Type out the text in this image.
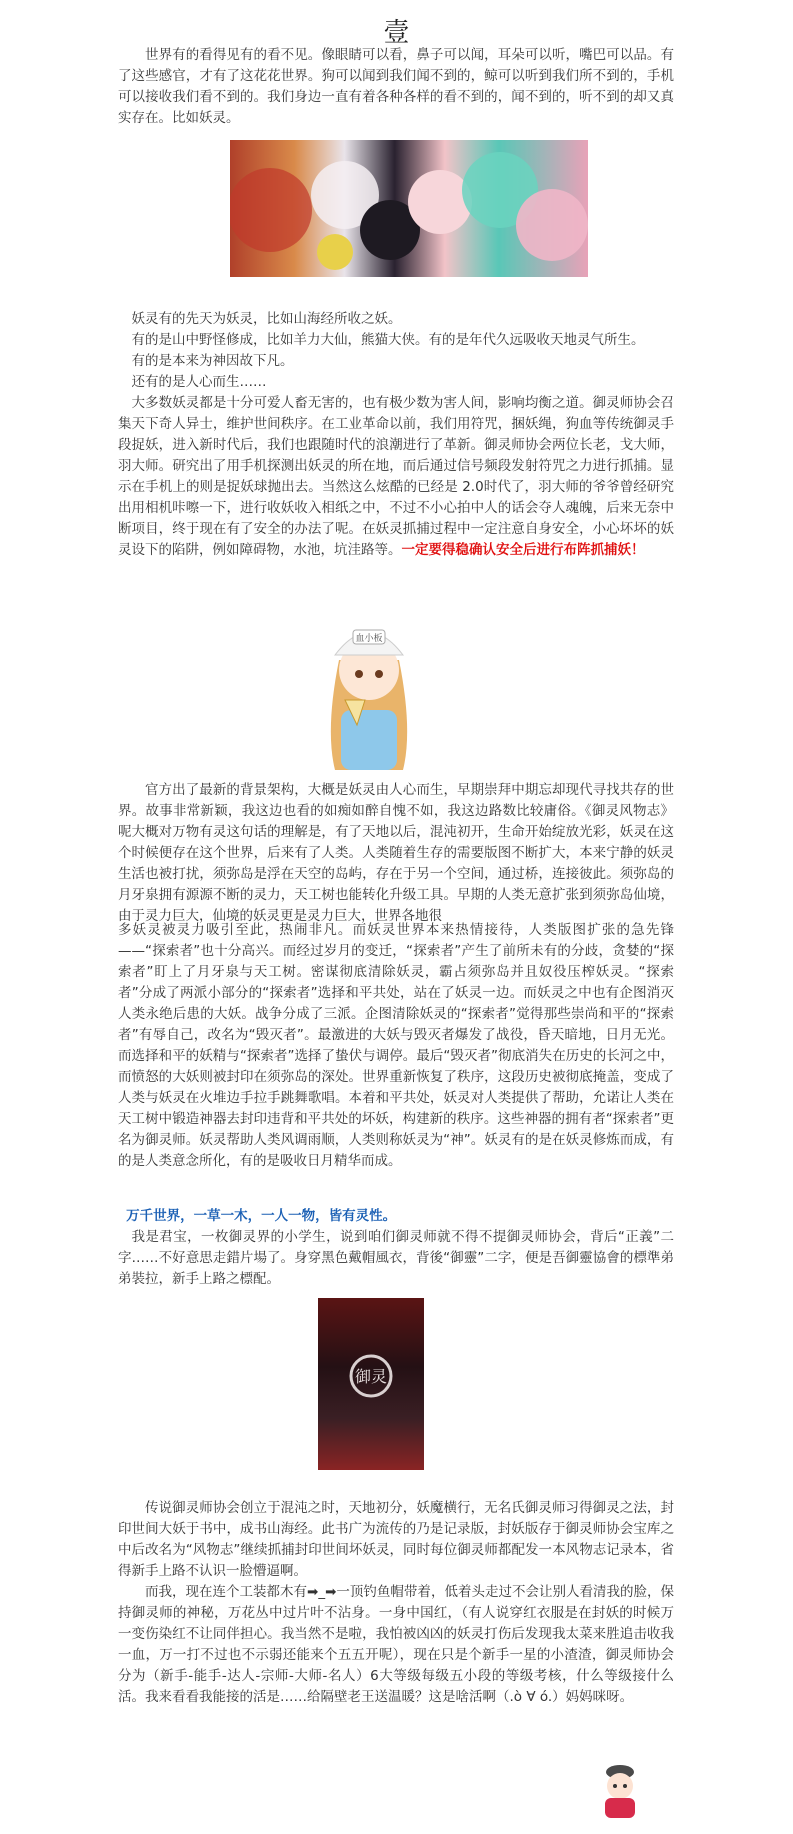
壹

世界有的看得见有的看不见。像眼睛可以看，鼻子可以闻，耳朵可以听，嘴巴可以品。有了这些感官，才有了这花花世界。狗可以闻到我们闻不到的，鲸可以听到我们所不到的，手机可以接收我们看不到的。我们身边一直有着各种各样的看不到的，闻不到的，听不到的却又真实存在。比如妖灵。

妖灵有的先天为妖灵，比如山海经所收之妖。

有的是山中野怪修成，比如羊力大仙，熊猫大侠。有的是年代久远吸收天地灵气所生。

有的是本来为神因故下凡。

还有的是人心而生……

大多数妖灵都是十分可爱人畜无害的，也有极少数为害人间，影响均衡之道。御灵师协会召集天下奇人异士，维护世间秩序。在工业革命以前，我们用符咒，捆妖绳，狗血等传统御灵手段捉妖，进入新时代后，我们也跟随时代的浪潮进行了革新。御灵师协会两位长老，戈大师，羽大师。研究出了用手机探测出妖灵的所在地，而后通过信号频段发射符咒之力进行抓捕。显示在手机上的则是捉妖球抛出去。当然这么炫酷的已经是 2.0时代了，羽大师的爷爷曾经研究出用相机咔嚓一下，进行收妖收入相纸之中，不过不小心拍中人的话会夺人魂魄，后来无奈中断项目，终于现在有了安全的办法了呢。在妖灵抓捕过程中一定注意自身安全，小心坏坏的妖灵设下的陷阱，例如障碍物，水池，坑洼路等。一定要得稳确认安全后进行布阵抓捕妖！

血小板

官方出了最新的背景架构，大概是妖灵由人心而生，早期崇拜中期忘却现代寻找共存的世界。故事非常新颖，我这边也看的如痴如醉自愧不如，我这边路数比较庸俗。《御灵风物志》呢大概对万物有灵这句话的理解是，有了天地以后，混沌初开，生命开始绽放光彩，妖灵在这个时候便存在这个世界，后来有了人类。人类随着生存的需要版图不断扩大，本来宁静的妖灵生活也被打扰，须弥岛是浮在天空的岛屿，存在于另一个空间，通过桥，连接彼此。须弥岛的月牙泉拥有源源不断的灵力，天工树也能转化升级工具。早期的人类无意扩张到须弥岛仙境，由于灵力巨大，仙境的妖灵更是灵力巨大，世界各地很

多妖灵被灵力吸引至此，热闹非凡。而妖灵世界本来热情接待，人类版图扩张的急先锋——“探索者”也十分高兴。而经过岁月的变迁，“探索者”产生了前所未有的分歧，贪婪的“探索者”盯上了月牙泉与天工树。密谋彻底清除妖灵，霸占须弥岛并且奴役压榨妖灵。“探索者”分成了两派小部分的“探索者”选择和平共处，站在了妖灵一边。而妖灵之中也有企图消灭人类永绝后患的大妖。战争分成了三派。企图清除妖灵的“探索者”觉得那些崇尚和平的“探索者”有辱自己，改名为“毁灭者”。最激进的大妖与毁灭者爆发了战役，昏天暗地，日月无光。而选择和平的妖精与“探索者”选择了蛰伏与调停。最后“毁灭者”彻底消失在历史的长河之中，而愤怒的大妖则被封印在须弥岛的深处。世界重新恢复了秩序，这段历史被彻底掩盖，变成了人类与妖灵在火堆边手拉手跳舞歌唱。本着和平共处，妖灵对人类提供了帮助，允诺让人类在天工树中锻造神器去封印违背和平共处的坏妖，构建新的秩序。这些神器的拥有者“探索者”更名为御灵师。妖灵帮助人类风调雨顺，人类则称妖灵为“神”。妖灵有的是在妖灵修炼而成，有的是人类意念所化，有的是吸收日月精华而成。

万千世界，一草一木，一人一物，皆有灵性。

我是君宝，一枚御灵界的小学生，说到咱们御灵师就不得不提御灵师协会，背后“正義”二字……不好意思走錯片場了。身穿黑色戴帽風衣，背後“御靈”二字，便是吾御靈協會的標準弟弟裝拉，新手上路之標配。

御灵

传说御灵师协会创立于混沌之时，天地初分，妖魔横行，无名氏御灵师习得御灵之法，封印世间大妖于书中，成书山海经。此书广为流传的乃是记录版，封妖版存于御灵师协会宝库之中后改名为“风物志”继续抓捕封印世间坏妖灵，同时每位御灵师都配发一本风物志记录本，省得新手上路不认识一脸懵逼啊。

而我，现在连个工装都木有➡_➡一顶钓鱼帽带着，低着头走过不会让别人看清我的脸，保持御灵师的神秘，万花丛中过片叶不沾身。一身中国红，（有人说穿红衣服是在封妖的时候万一变伤染红不让同伴担心。我当然不是啦，我怕被凶凶的妖灵打伤后发现我太菜来胜追击收我一血，万一打不过也不示弱还能来个五五开呢），现在只是个新手一星的小渣渣，御灵师协会分为（新手-能手-达人-宗师-大师-名人）6大等级每级五小段的等级考核，什么等级接什么活。我来看看我能接的活是……给隔壁老王送温暖？这是啥活啊（.ò ∀ ó.）妈妈咪呀。
